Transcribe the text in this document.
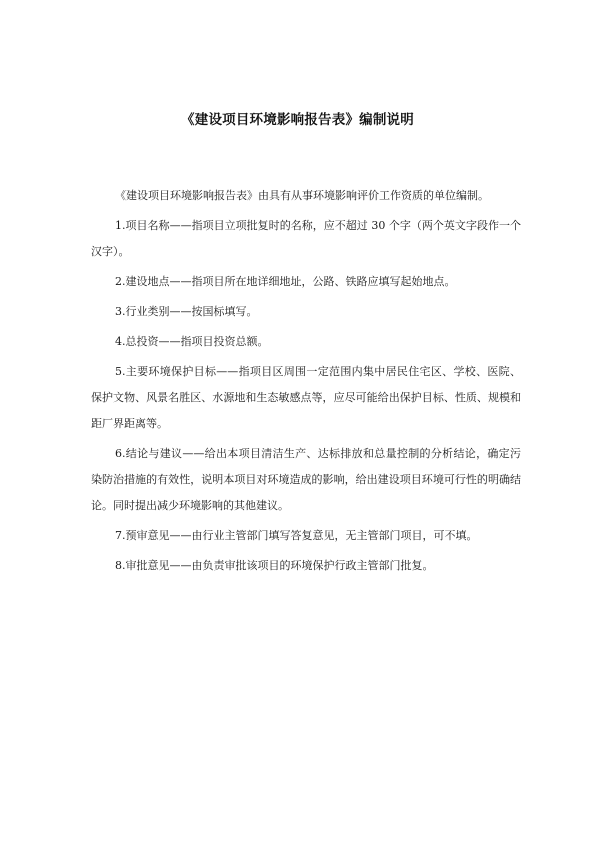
《建设项目环境影响报告表》编制说明

《建设项目环境影响报告表》由具有从事环境影响评价工作资质的单位编制。

1.项目名称——指项目立项批复时的名称，应不超过 30 个字（两个英文字段作一个汉字）。

2.建设地点——指项目所在地详细地址，公路、铁路应填写起始地点。

3.行业类别——按国标填写。

4.总投资——指项目投资总额。

5.主要环境保护目标——指项目区周围一定范围内集中居民住宅区、学校、医院、保护文物、风景名胜区、水源地和生态敏感点等，应尽可能给出保护目标、性质、规模和距厂界距离等。

6.结论与建议——给出本项目清洁生产、达标排放和总量控制的分析结论，确定污染防治措施的有效性，说明本项目对环境造成的影响，给出建设项目环境可行性的明确结论。同时提出减少环境影响的其他建议。

7.预审意见——由行业主管部门填写答复意见，无主管部门项目，可不填。

8.审批意见——由负责审批该项目的环境保护行政主管部门批复。
